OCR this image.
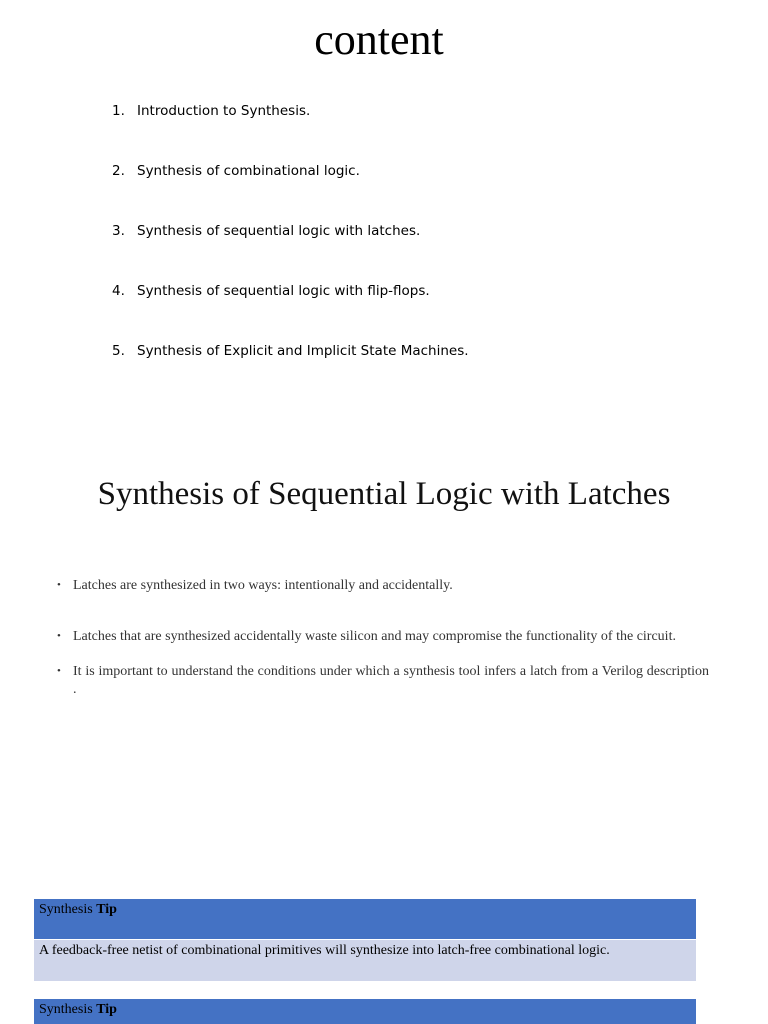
content
1. Introduction to Synthesis.
2. Synthesis of combinational logic.
3. Synthesis of sequential logic with latches.
4. Synthesis of sequential logic with flip-flops.
5. Synthesis of Explicit and Implicit State Machines.
Synthesis of Sequential Logic with Latches
• Latches are synthesized in two ways: intentionally and accidentally.
• Latches that are synthesized accidentally waste silicon and may compromise the functionality of the circuit.
• It is important to understand the conditions under which a synthesis tool infers a latch from a Verilog description .
Synthesis Tip
A feedback-free netist of combinational primitives will synthesize into latch-free combinational logic.
Synthesis Tip
